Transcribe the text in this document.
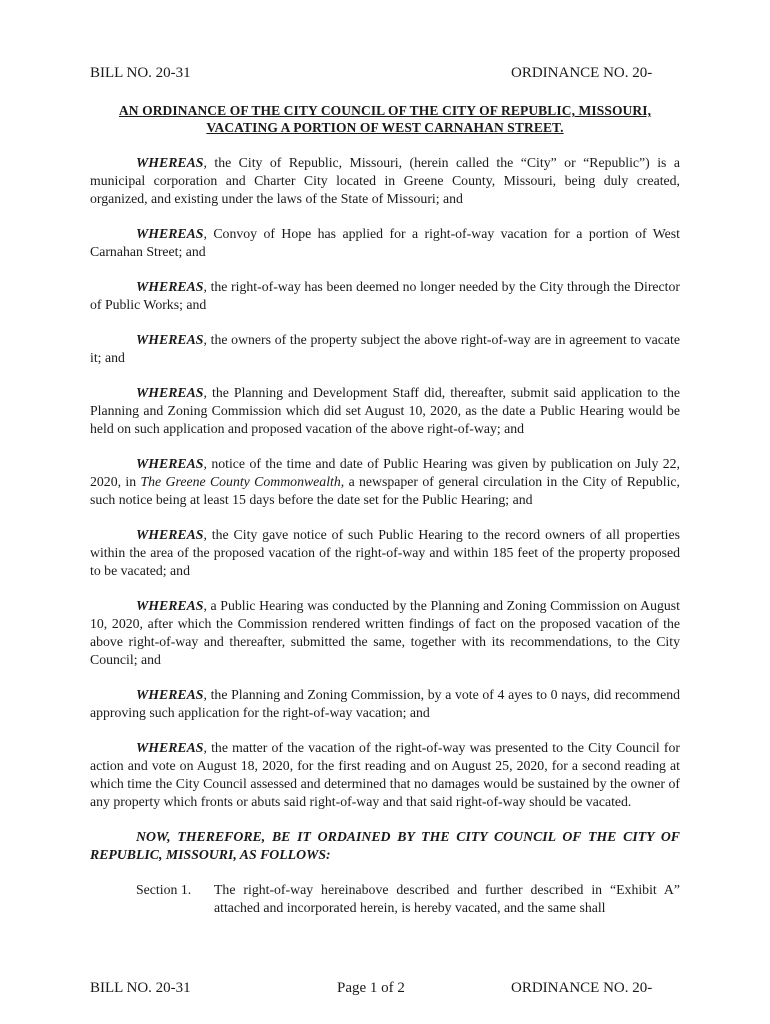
BILL NO. 20-31	ORDINANCE NO. 20-
AN ORDINANCE OF THE CITY COUNCIL OF THE CITY OF REPUBLIC, MISSOURI,
VACATING A PORTION OF WEST CARNAHAN STREET.

WHEREAS, the City of Republic, Missouri, (herein called the “City” or “Republic”) is a municipal corporation and Charter City located in Greene County, Missouri, being duly created, organized, and existing under the laws of the State of Missouri; and

WHEREAS, Convoy of Hope has applied for a right-of-way vacation for a portion of West Carnahan Street; and

WHEREAS, the right-of-way has been deemed no longer needed by the City through the Director of Public Works; and

WHEREAS, the owners of the property subject the above right-of-way are in agreement to vacate it; and

WHEREAS, the Planning and Development Staff did, thereafter, submit said application to the Planning and Zoning Commission which did set August 10, 2020, as the date a Public Hearing would be held on such application and proposed vacation of the above right-of-way; and

WHEREAS, notice of the time and date of Public Hearing was given by publication on July 22, 2020, in The Greene County Commonwealth, a newspaper of general circulation in the City of Republic, such notice being at least 15 days before the date set for the Public Hearing; and

WHEREAS, the City gave notice of such Public Hearing to the record owners of all properties within the area of the proposed vacation of the right-of-way and within 185 feet of the property proposed to be vacated; and

WHEREAS, a Public Hearing was conducted by the Planning and Zoning Commission on August 10, 2020, after which the Commission rendered written findings of fact on the proposed vacation of the above right-of-way and thereafter, submitted the same, together with its recommendations, to the City Council; and

WHEREAS, the Planning and Zoning Commission, by a vote of 4 ayes to 0 nays, did recommend approving such application for the right-of-way vacation; and

WHEREAS, the matter of the vacation of the right-of-way was presented to the City Council for action and vote on August 18, 2020, for the first reading and on August 25, 2020, for a second reading at which time the City Council assessed and determined that no damages would be sustained by the owner of any property which fronts or abuts said right-of-way and that said right-of-way should be vacated.

NOW, THEREFORE, BE IT ORDAINED BY THE CITY COUNCIL OF THE CITY OF REPUBLIC, MISSOURI, AS FOLLOWS:

Section 1.	The right-of-way hereinabove described and further described in “Exhibit A” attached and incorporated herein, is hereby vacated, and the same shall
BILL NO. 20-31	Page 1 of 2	ORDINANCE NO. 20-
